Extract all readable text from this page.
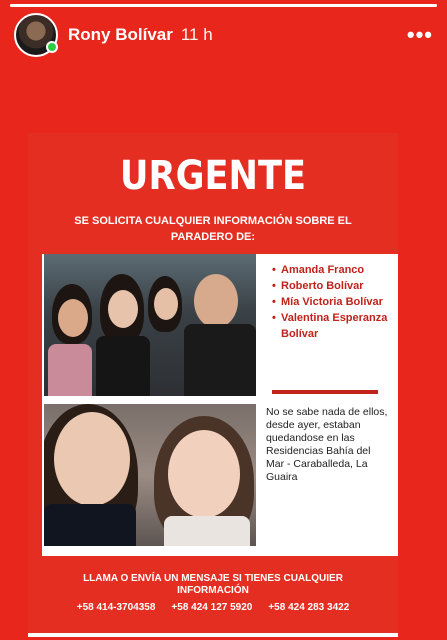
Rony Bolívar 11 h	•••
URGENTE
SE SOLICITA CUALQUIER INFORMACIÓN SOBRE EL PARADERO DE:
• Amanda Franco
• Roberto Bolívar
• Mía Victoria Bolívar
• Valentina Esperanza Bolívar
No se sabe nada de ellos, desde ayer, estaban quedandose en las Residencias Bahía del Mar - Caraballeda, La Guaira
LLAMA O ENVÍA UN MENSAJE SI TIENES CUALQUIER INFORMACIÓN
+58 414-3704358 +58 424 127 5920 +58 424 283 3422
